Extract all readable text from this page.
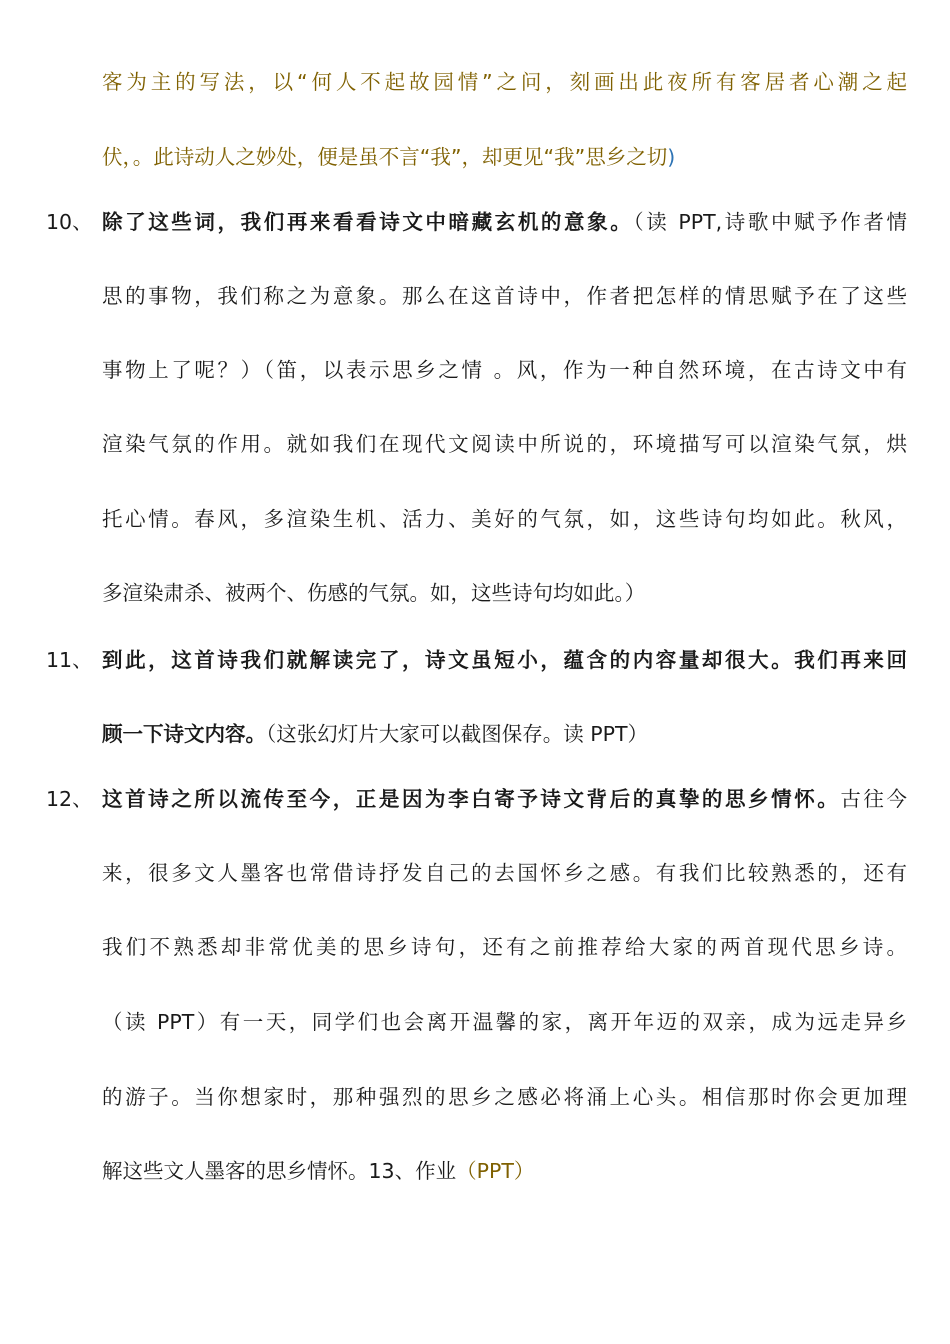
客为主的写法，以“何人不起故园情”之问，刻画出此夜所有客居者心潮之起
伏，。此诗动人之妙处，便是虽不言“我”，却更见“我”思乡之切)
10、 除了这些词，我们再来看看诗文中暗藏玄机的意象。（读 PPT,诗歌中赋予作者情
思的事物，我们称之为意象。那么在这首诗中，作者把怎样的情思赋予在了这些
事物上了呢？）（笛，以表示思乡之情 。风，作为一种自然环境，在古诗文中有
渲染气氛的作用。就如我们在现代文阅读中所说的，环境描写可以渲染气氛，烘
托心情。春风，多渲染生机、活力、美好的气氛，如，这些诗句均如此。秋风，
多渲染肃杀、被两个、伤感的气氛。如，这些诗句均如此。）
11、 到此，这首诗我们就解读完了，诗文虽短小，蕴含的内容量却很大。我们再来回
顾一下诗文内容。（这张幻灯片大家可以截图保存。读 PPT）
12、 这首诗之所以流传至今，正是因为李白寄予诗文背后的真挚的思乡情怀。古往今
来，很多文人墨客也常借诗抒发自己的去国怀乡之感。有我们比较熟悉的，还有
我们不熟悉却非常优美的思乡诗句，还有之前推荐给大家的两首现代思乡诗。
（读 PPT）有一天，同学们也会离开温馨的家，离开年迈的双亲，成为远走异乡
的游子。当你想家时，那种强烈的思乡之感必将涌上心头。相信那时你会更加理
解这些文人墨客的思乡情怀。13、作业（PPT）
